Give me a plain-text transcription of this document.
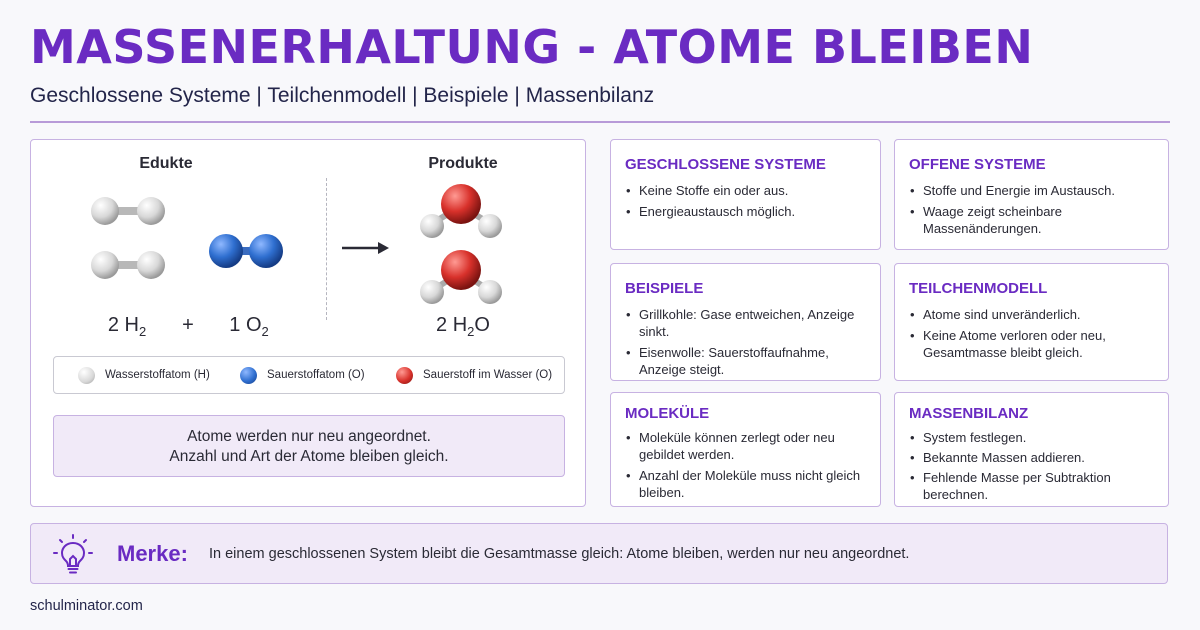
MASSENERHALTUNG - ATOME BLEIBEN
Geschlossene Systeme | Teilchenmodell | Beispiele | Massenbilanz
Edukte	Produkte
2 $H_2 + 1$ $O_2$	2 $H_2O$
Wasserstoffatom (H)	Sauerstoffatom (O)	Sauerstoff im Wasser (O)
Atome werden nur neu angeordnet.
Anzahl und Art der Atome bleiben gleich.
GESCHLOSSENE SYSTEME
• Keine Stoffe ein oder aus.
• Energieaustausch möglich.
OFFENE SYSTEME
• Stoffe und Energie im Austausch.
• Waage zeigt scheinbare Massenänderungen.
BEISPIELE
• Grillkohle: Gase entweichen, Anzeige sinkt.
• Eisenwolle: Sauerstoffaufnahme, Anzeige steigt.
TEILCHENMODELL
• Atome sind unveränderlich.
• Keine Atome verloren oder neu, Gesamtmasse bleibt gleich.
MOLEKÜLE
• Moleküle können zerlegt oder neu gebildet werden.
• Anzahl der Moleküle muss nicht gleich bleiben.
MASSENBILANZ
• System festlegen.
• Bekannte Massen addieren.
• Fehlende Masse per Subtraktion berechnen.
Merke: In einem geschlossenen System bleibt die Gesamtmasse gleich: Atome bleiben, werden nur neu angeordnet.
schulminator.com
